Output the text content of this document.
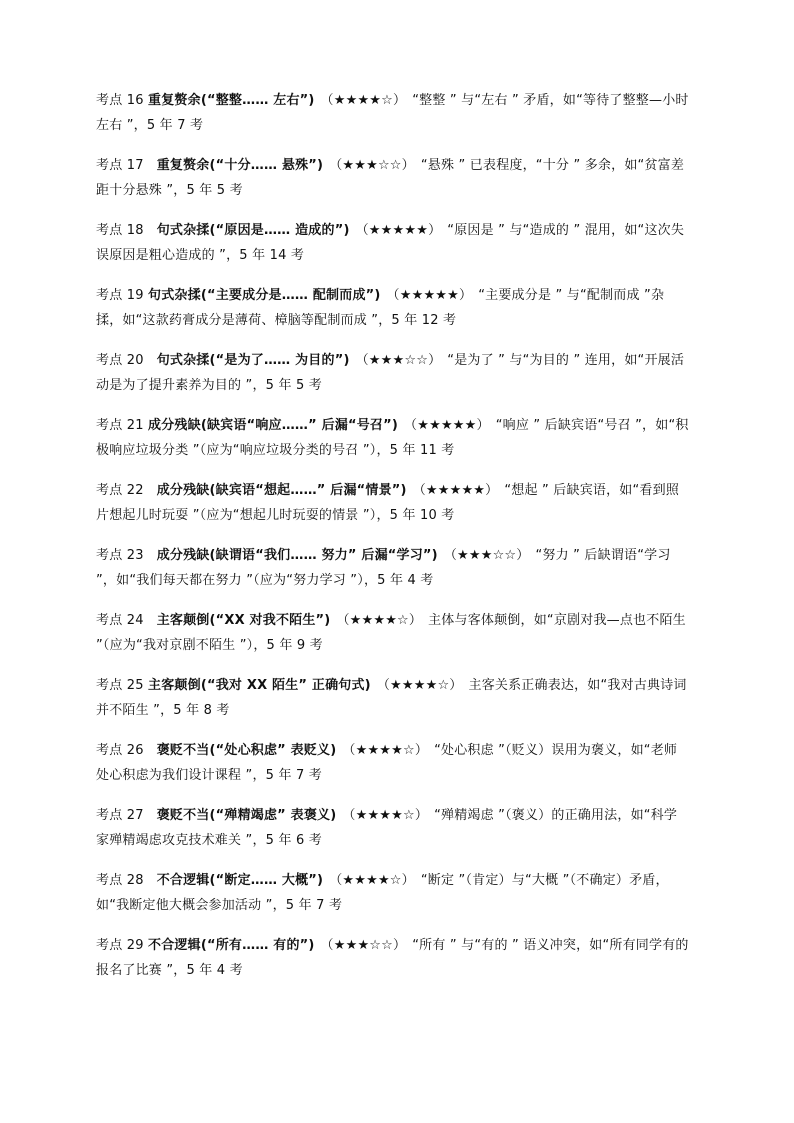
考点 16 重复赘余(“整整…… 左右”) （★★★★☆） “整整 ” 与“左右 ” 矛盾，如“等待了整整—小时左右 ”，5 年 7 考

考点 17 重复赘余(“十分…… 悬殊”) （★★★☆☆） “悬殊 ” 已表程度，“十分 ” 多余，如“贫富差距十分悬殊 ”，5 年 5 考

考点 18 句式杂揉(“原因是…… 造成的”) （★★★★★） “原因是 ” 与“造成的 ” 混用，如“这次失误原因是粗心造成的 ”，5 年 14 考

考点 19 句式杂揉(“主要成分是…… 配制而成”) （★★★★★） “主要成分是 ” 与“配制而成 ”杂揉，如“这款药膏成分是薄荷、樟脑等配制而成 ”，5 年 12 考

考点 20 句式杂揉(“是为了…… 为目的”) （★★★☆☆） “是为了 ” 与“为目的 ” 连用，如“开展活动是为了提升素养为目的 ”，5 年 5 考

考点 21 成分残缺(缺宾语“响应……” 后漏“号召”) （★★★★★） “响应 ” 后缺宾语“号召 ”，如“积极响应垃圾分类 ”（应为“响应垃圾分类的号召 ”），5 年 11 考

考点 22 成分残缺(缺宾语“想起……” 后漏“情景”) （★★★★★） “想起 ” 后缺宾语，如“看到照片想起儿时玩耍 ”（应为“想起儿时玩耍的情景 ”），5 年 10 考

考点 23 成分残缺(缺谓语“我们…… 努力” 后漏“学习”) （★★★☆☆） “努力 ” 后缺谓语“学习 ”，如“我们每天都在努力 ”（应为“努力学习 ”），5 年 4 考

考点 24 主客颠倒(“XX 对我不陌生”) （★★★★☆） 主体与客体颠倒，如“京剧对我—点也不陌生 ”（应为“我对京剧不陌生 ”），5 年 9 考

考点 25 主客颠倒(“我对 XX 陌生” 正确句式) （★★★★☆） 主客关系正确表达，如“我对古典诗词并不陌生 ”，5 年 8 考

考点 26 褒贬不当(“处心积虑” 表贬义) （★★★★☆） “处心积虑 ”（贬义）误用为褒义，如“老师处心积虑为我们设计课程 ”，5 年 7 考

考点 27 褒贬不当(“殚精竭虑” 表褒义) （★★★★☆） “殚精竭虑 ”（褒义）的正确用法，如“科学家殚精竭虑攻克技术难关 ”，5 年 6 考

考点 28 不合逻辑(“断定…… 大概”) （★★★★☆） “断定 ”（肯定）与“大概 ”（不确定）矛盾，如“我断定他大概会参加活动 ”，5 年 7 考

考点 29 不合逻辑(“所有…… 有的”) （★★★☆☆） “所有 ” 与“有的 ” 语义冲突，如“所有同学有的报名了比赛 ”，5 年 4 考
